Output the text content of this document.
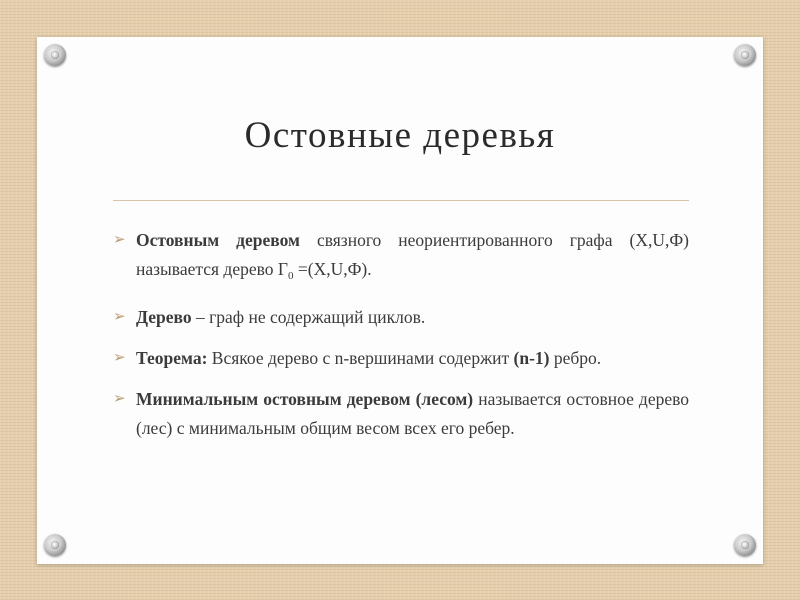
Остовные деревья
➢ Остовным деревом связного неориентированного графа (X,U,Ф) называется дерево $Г_0 =(X,U,Ф)$.
➢ Дерево – граф не содержащий циклов.
➢ Теорема: Всякое дерево с n-вершинами содержит (n-1) ребро.
➢ Минимальным остовным деревом (лесом) называется остовное дерево (лес) с минимальным общим весом всех его ребер.
